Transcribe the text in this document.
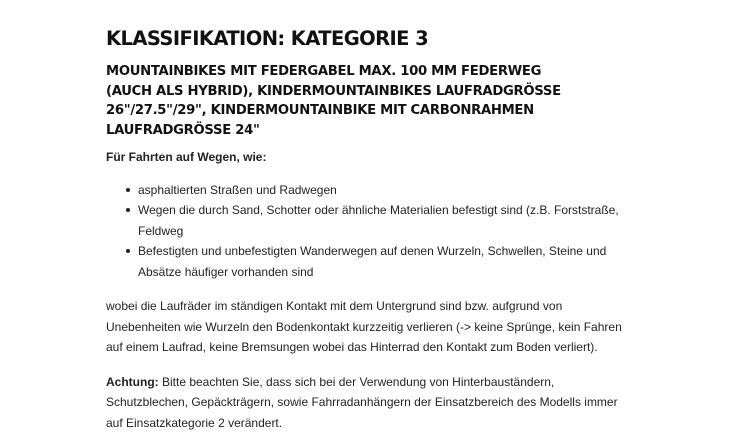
KLASSIFIKATION: KATEGORIE 3
MOUNTAINBIKES MIT FEDERGABEL MAX. 100 MM FEDERWEG (AUCH ALS HYBRID), KINDERMOUNTAINBIKES LAUFRADGRÖSSE 26"/27.5"/29", KINDERMOUNTAINBIKE MIT CARBONRAHMEN LAUFRADGRÖSSE 24"

Für Fahrten auf Wegen, wie:

asphaltierten Straßen und Radwegen
Wegen die durch Sand, Schotter oder ähnliche Materialien befestigt sind (z.B. Forststraße, Feldweg
Befestigten und unbefestigten Wanderwegen auf denen Wurzeln, Schwellen, Steine und Absätze häufiger vorhanden sind

wobei die Laufräder im ständigen Kontakt mit dem Untergrund sind bzw. aufgrund von Unebenheiten wie Wurzeln den Bodenkontakt kurzzeitig verlieren (-> keine Sprünge, kein Fahren auf einem Laufrad, keine Bremsungen wobei das Hinterrad den Kontakt zum Boden verliert).

Achtung: Bitte beachten Sie, dass sich bei der Verwendung von Hinterbauständern, Schutzblechen, Gepäckträgern, sowie Fahrradanhängern der Einsatzbereich des Modells immer auf Einsatzkategorie 2 verändert.
